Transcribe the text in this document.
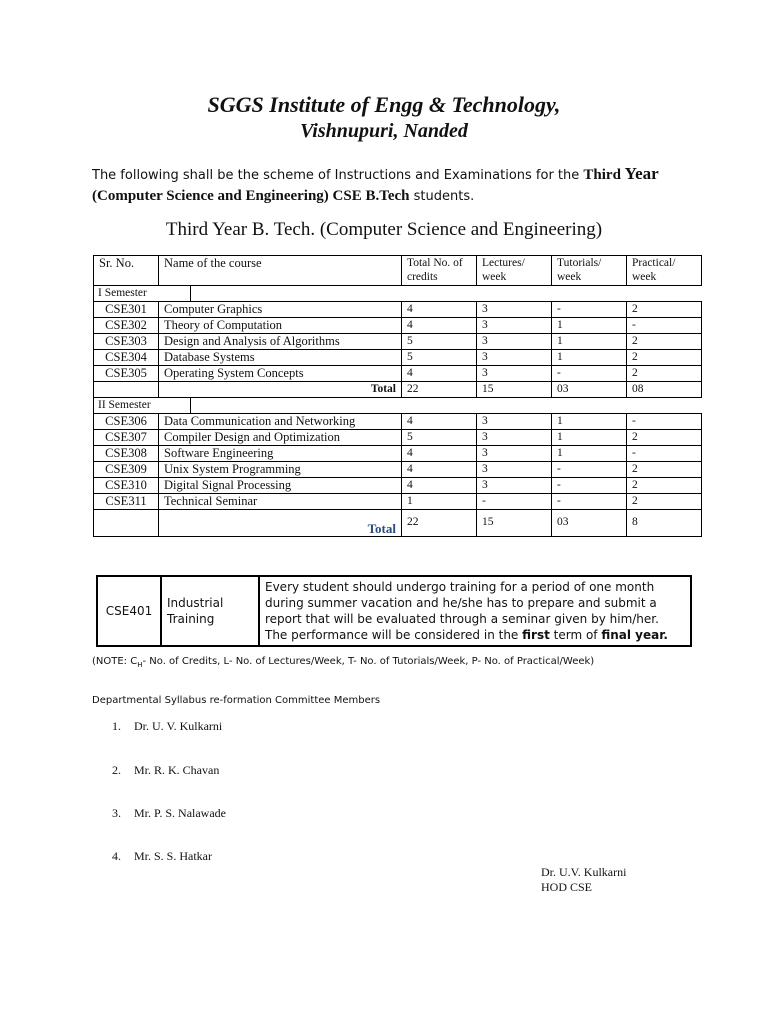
SGGS Institute of Engg & Technology,
Vishnupuri, Nanded
The following shall be the scheme of Instructions and Examinations for the Third Year
(Computer Science and Engineering) CSE B.Tech students.
Third Year B. Tech. (Computer Science and Engineering)
Sr. No.	Name of the course	Total No. of credits	Lectures/ week	Tutorials/ week	Practical/ week
I Semester					
CSE301	Computer Graphics	4	3	-	2
CSE302	Theory of Computation	4	3	1	-
CSE303	Design and Analysis of Algorithms	5	3	1	2
CSE304	Database Systems	5	3	1	2
CSE305	Operating System Concepts	4	3	-	2
	Total	22	15	03	08
II Semester					
CSE306	Data Communication and Networking	4	3	1	-
CSE307	Compiler Design and Optimization	5	3	1	2
CSE308	Software Engineering	4	3	1	-
CSE309	Unix System Programming	4	3	-	2
CSE310	Digital Signal Processing	4	3	-	2
CSE311	Technical Seminar	1	-	-	2
	Total	22	15	03	8
CSE401	Industrial Training	Every student should undergo training for a period of one month during summer vacation and he/she has to prepare and submit a report that will be evaluated through a seminar given by him/her. The performance will be considered in the first term of final year.
(NOTE: $C_H-$ No. of Credits, L- No. of Lectures/Week, T- No. of Tutorials/Week, P- No. of Practical/Week)
Departmental Syllabus re-formation Committee Members
1. Dr. U. V. Kulkarni
2. Mr. R. K. Chavan
3. Mr. P. S. Nalawade
4. Mr. S. S. Hatkar
Dr. U.V. Kulkarni
HOD CSE
